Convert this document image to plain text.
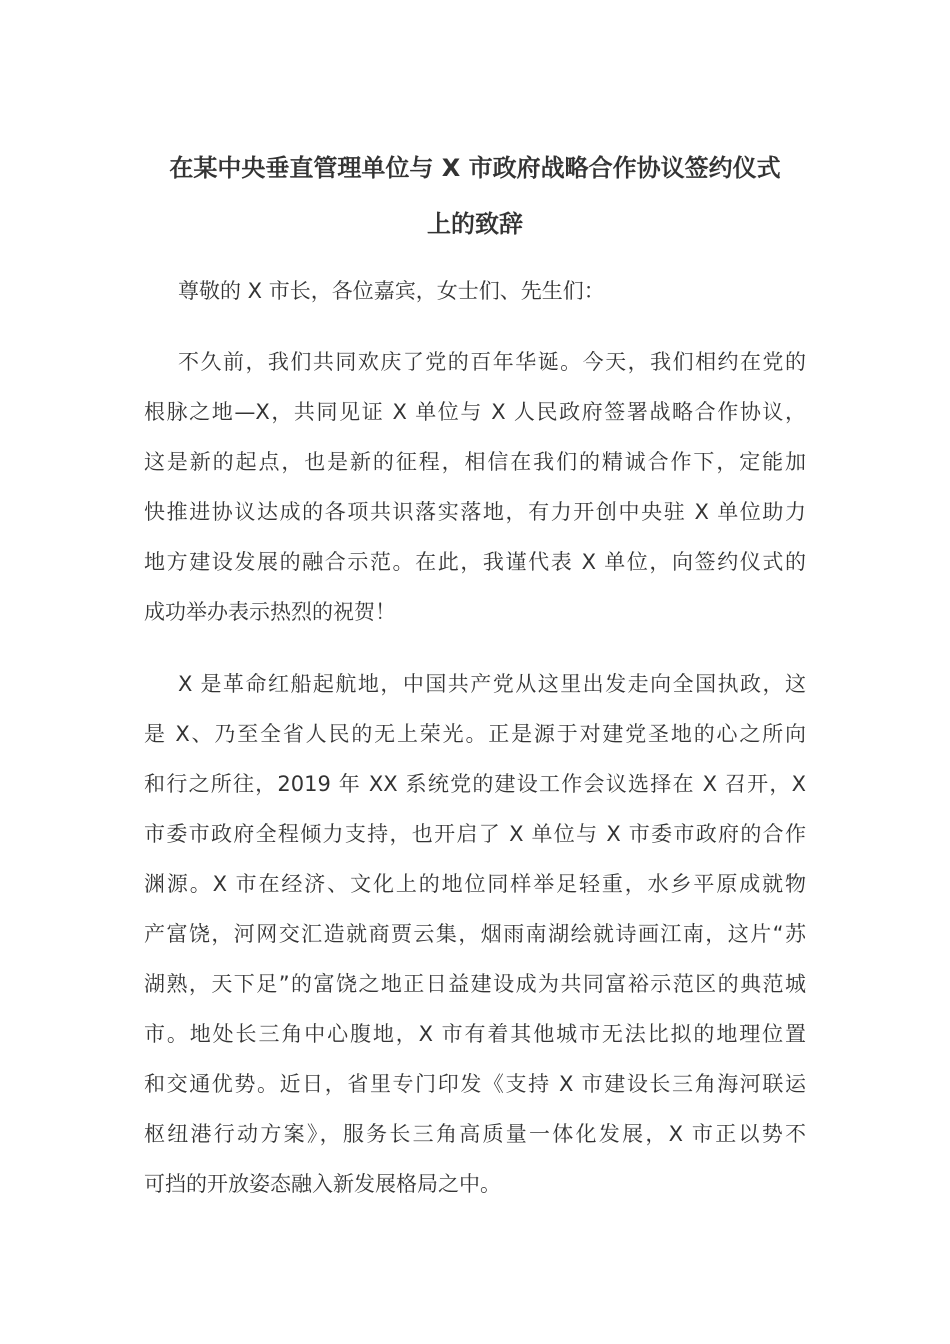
在某中央垂直管理单位与 X 市政府战略合作协议签约仪式
上的致辞

尊敬的 X 市长，各位嘉宾，女士们、先生们：

不久前，我们共同欢庆了党的百年华诞。今天，我们相约在党的
根脉之地—X，共同见证 X 单位与 X 人民政府签署战略合作协议，
这是新的起点，也是新的征程，相信在我们的精诚合作下，定能加
快推进协议达成的各项共识落实落地，有力开创中央驻 X 单位助力
地方建设发展的融合示范。在此，我谨代表 X 单位，向签约仪式的
成功举办表示热烈的祝贺！

X 是革命红船起航地，中国共产党从这里出发走向全国执政，这
是 X、乃至全省人民的无上荣光。正是源于对建党圣地的心之所向
和行之所往，2019 年 XX 系统党的建设工作会议选择在 X 召开，X
市委市政府全程倾力支持，也开启了 X 单位与 X 市委市政府的合作
渊源。X 市在经济、文化上的地位同样举足轻重，水乡平原成就物
产富饶，河网交汇造就商贾云集，烟雨南湖绘就诗画江南，这片“苏
湖熟，天下足”的富饶之地正日益建设成为共同富裕示范区的典范城
市。地处长三角中心腹地，X 市有着其他城市无法比拟的地理位置
和交通优势。近日，省里专门印发《支持 X 市建设长三角海河联运
枢纽港行动方案》，服务长三角高质量一体化发展，X 市正以势不
可挡的开放姿态融入新发展格局之中。
